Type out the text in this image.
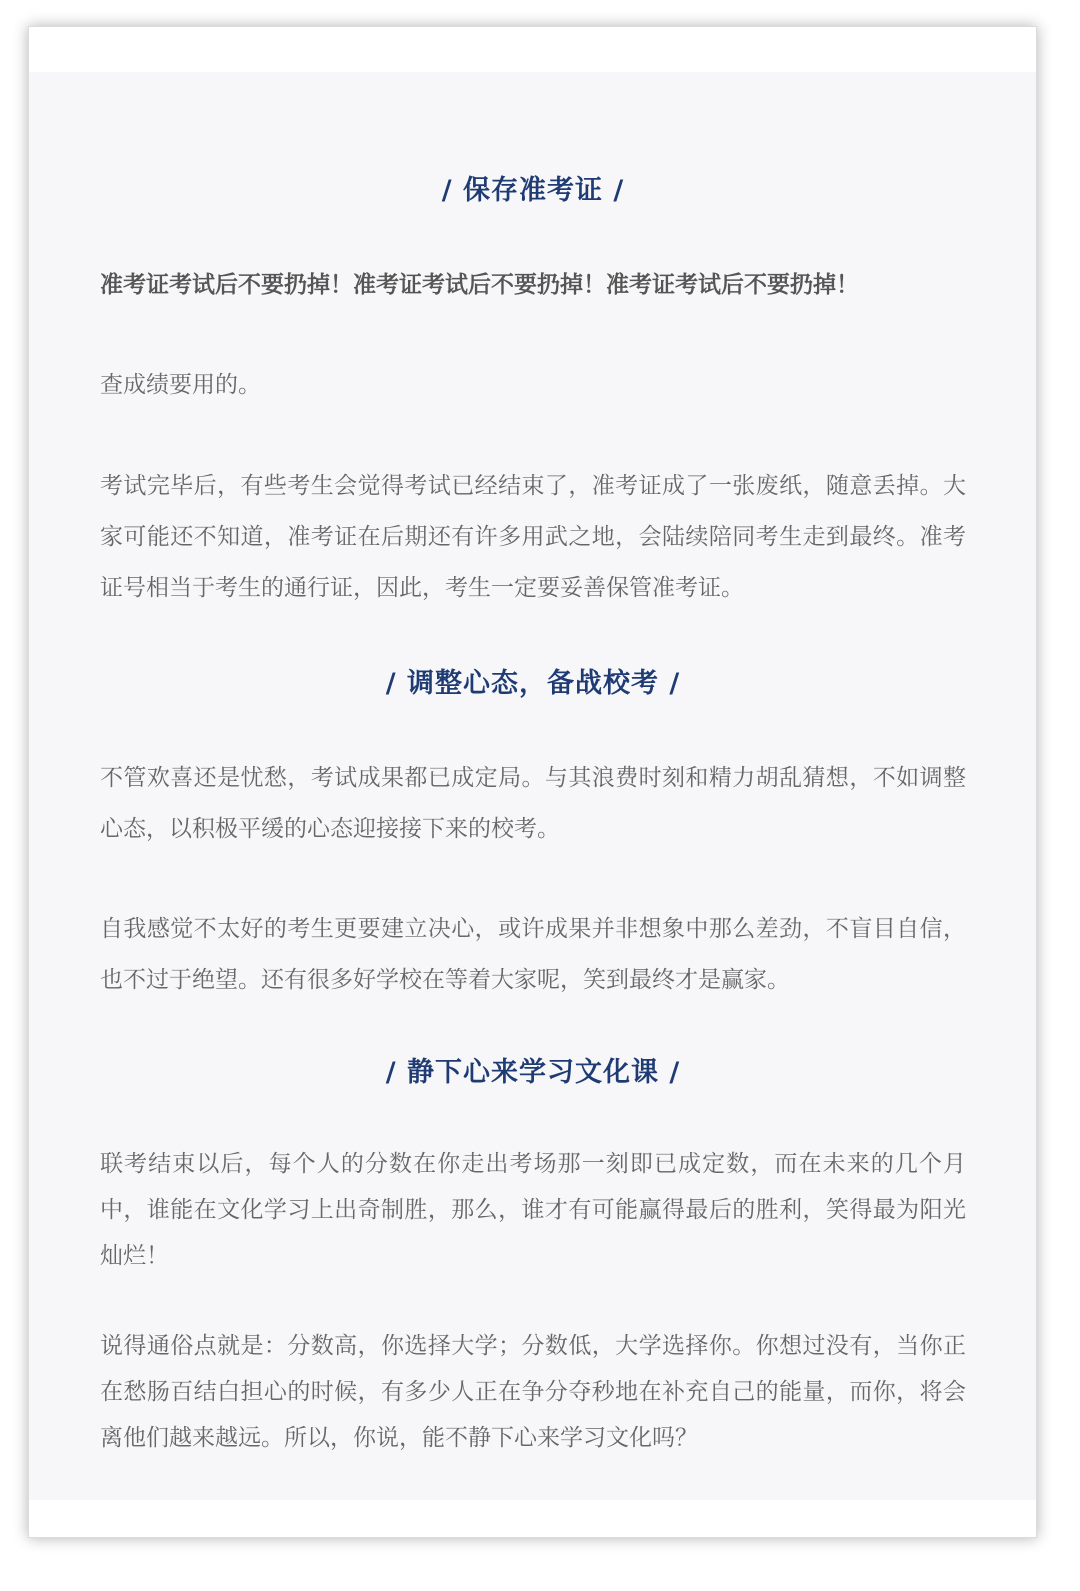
/ 保存准考证 /

准考证考试后不要扔掉！准考证考试后不要扔掉！准考证考试后不要扔掉！

查成绩要用的。

考试完毕后，有些考生会觉得考试已经结束了，准考证成了一张废纸，随意丢掉。大家可能还不知道，准考证在后期还有许多用武之地，会陆续陪同考生走到最终。准考证号相当于考生的通行证，因此，考生一定要妥善保管准考证。

/ 调整心态，备战校考 /

不管欢喜还是忧愁，考试成果都已成定局。与其浪费时刻和精力胡乱猜想，不如调整心态，以积极平缓的心态迎接接下来的校考。

自我感觉不太好的考生更要建立决心，或许成果并非想象中那么差劲，不盲目自信，也不过于绝望。还有很多好学校在等着大家呢，笑到最终才是赢家。

/ 静下心来学习文化课 /

联考结束以后，每个人的分数在你走出考场那一刻即已成定数，而在未来的几个月中，谁能在文化学习上出奇制胜，那么，谁才有可能赢得最后的胜利，笑得最为阳光灿烂！

说得通俗点就是：分数高，你选择大学；分数低，大学选择你。你想过没有，当你正在愁肠百结白担心的时候，有多少人正在争分夺秒地在补充自己的能量，而你，将会离他们越来越远。所以，你说，能不静下心来学习文化吗？
